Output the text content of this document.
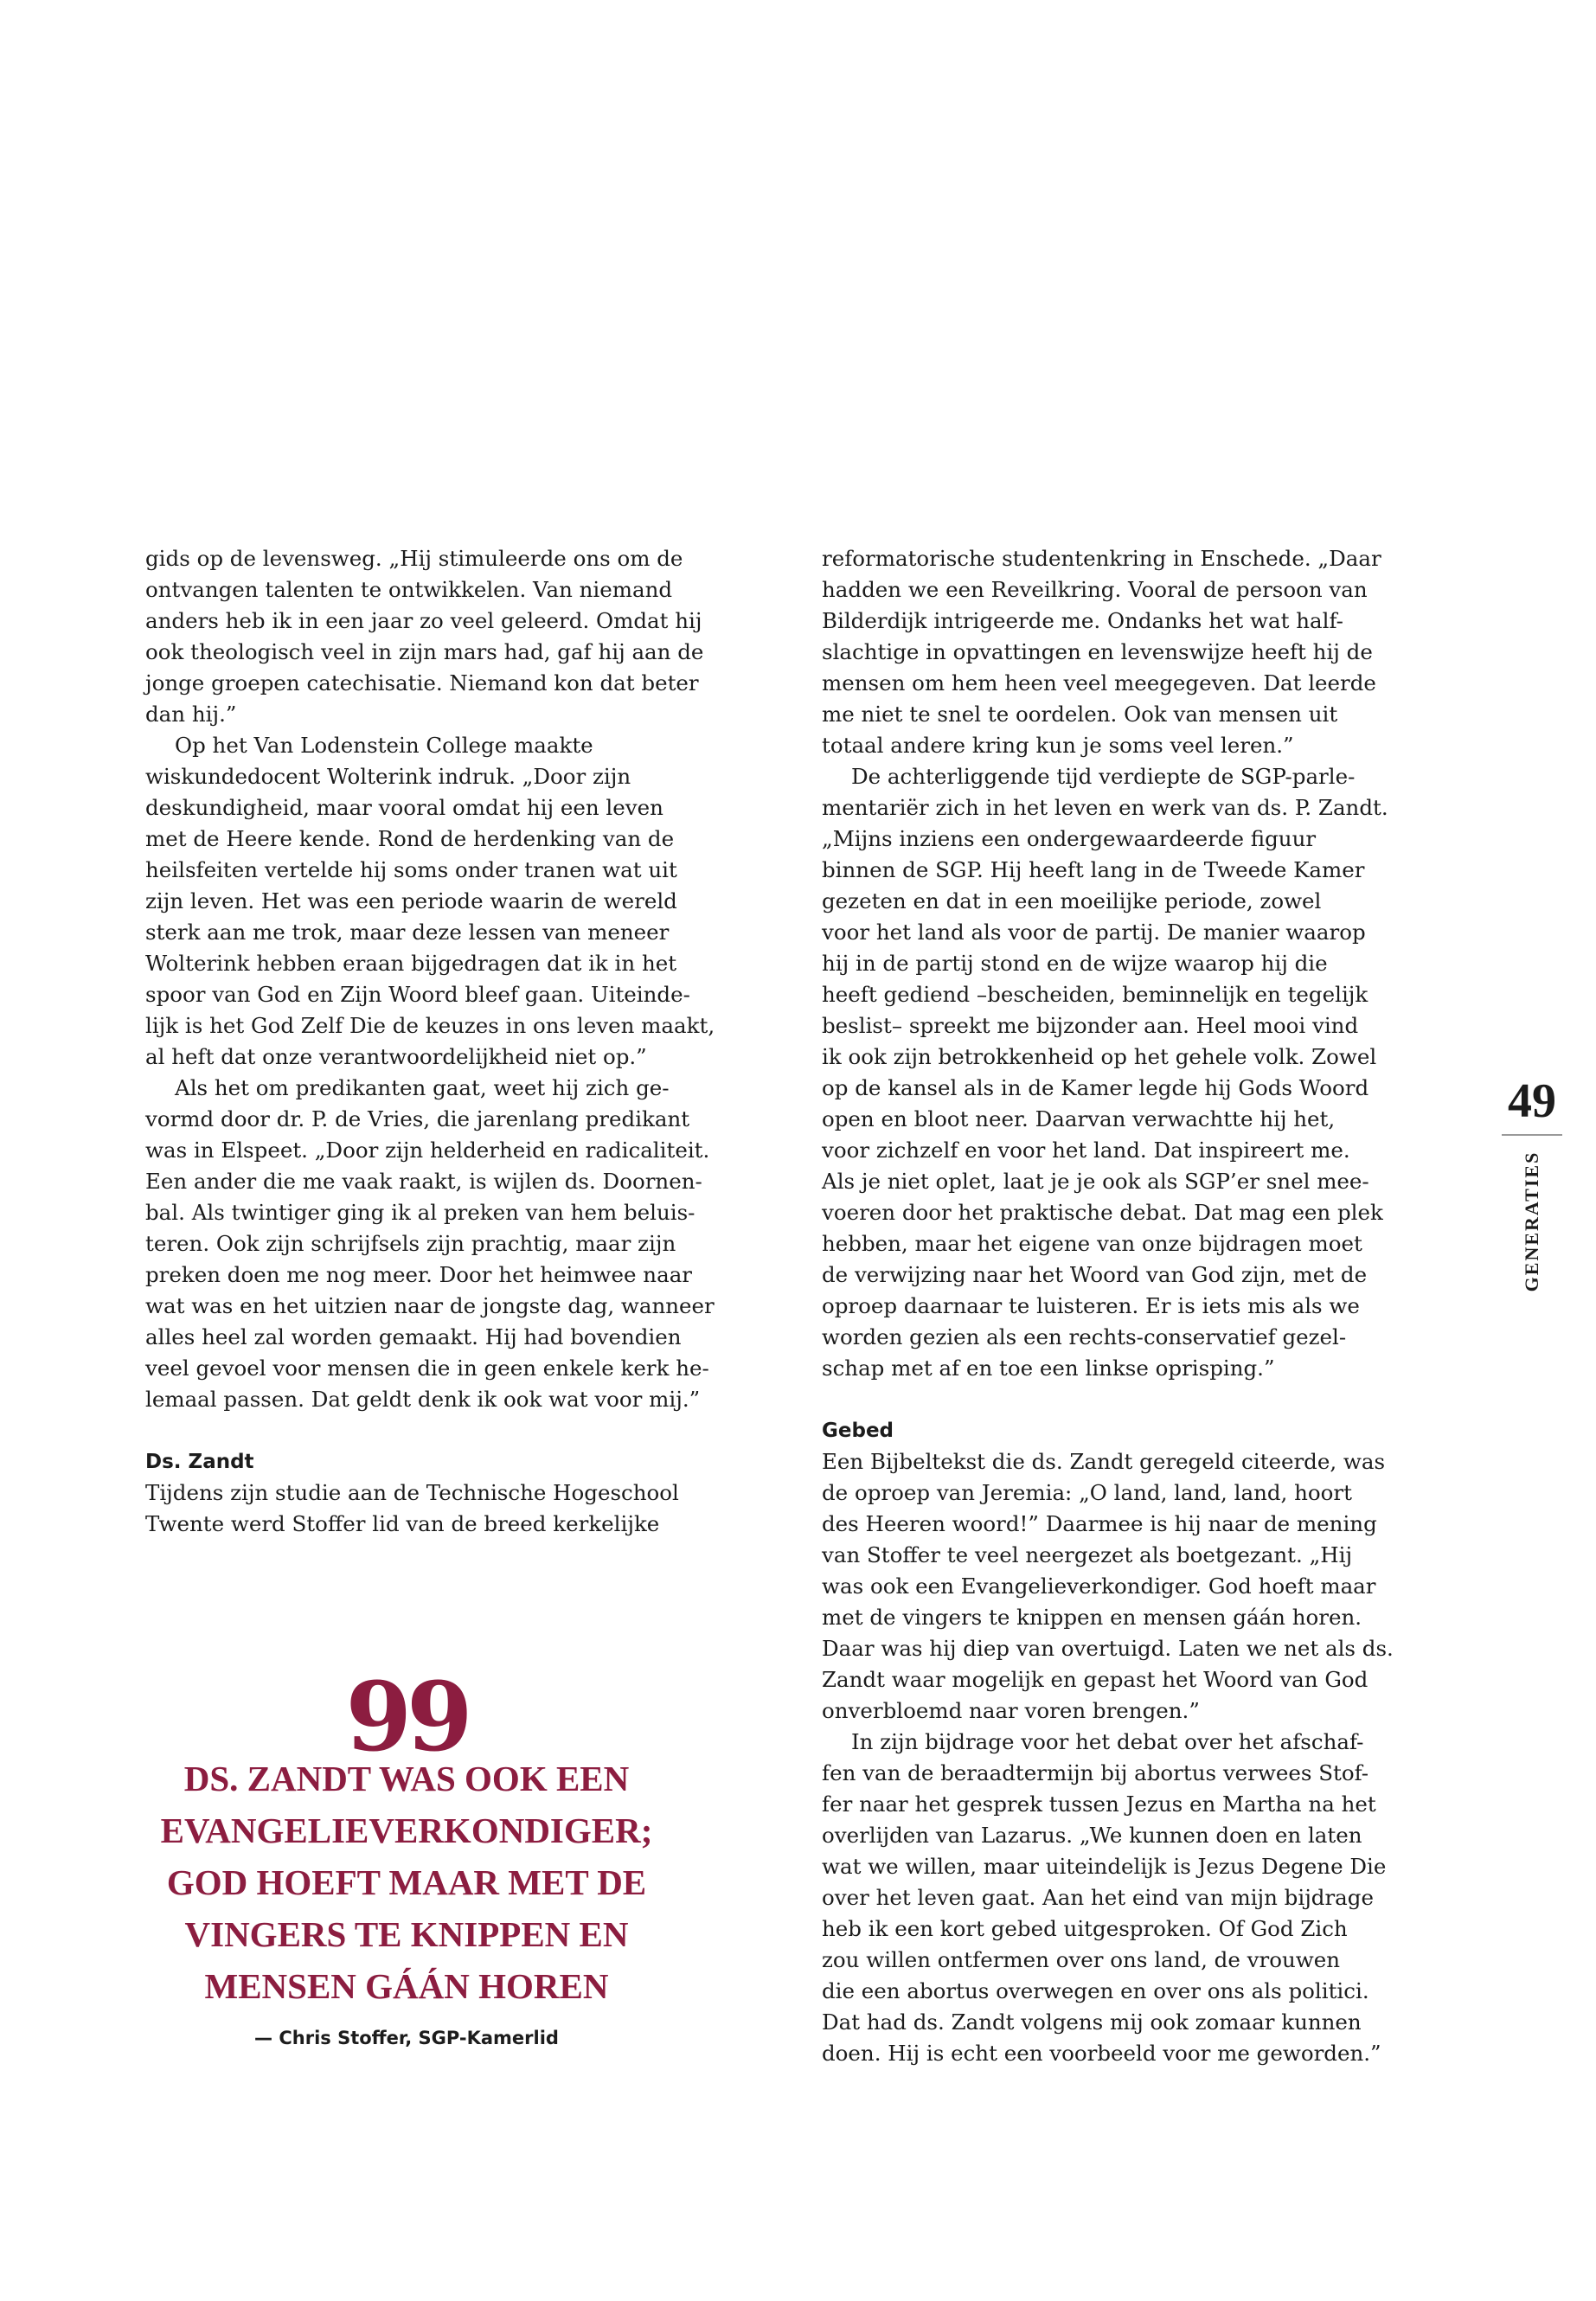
gids op de levensweg. „Hij stimuleerde ons om de
ontvangen talenten te ontwikkelen. Van niemand
anders heb ik in een jaar zo veel geleerd. Omdat hij
ook theologisch veel in zijn mars had, gaf hij aan de
jonge groepen catechisatie. Niemand kon dat beter
dan hij.”
Op het Van Lodenstein College maakte
wiskundedocent Wolterink indruk. „Door zijn
deskundigheid, maar vooral omdat hij een leven
met de Heere kende. Rond de herdenking van de
heilsfeiten vertelde hij soms onder tranen wat uit
zijn leven. Het was een periode waarin de wereld
sterk aan me trok, maar deze lessen van meneer
Wolterink hebben eraan bijgedragen dat ik in het
spoor van God en Zijn Woord bleef gaan. Uiteinde-
lijk is het God Zelf Die de keuzes in ons leven maakt,
al heft dat onze verantwoordelijkheid niet op.”
Als het om predikanten gaat, weet hij zich ge-
vormd door dr. P. de Vries, die jarenlang predikant
was in Elspeet. „Door zijn helderheid en radicaliteit.
Een ander die me vaak raakt, is wijlen ds. Doornen-
bal. Als twintiger ging ik al preken van hem beluis-
teren. Ook zijn schrijfsels zijn prachtig, maar zijn
preken doen me nog meer. Door het heimwee naar
wat was en het uitzien naar de jongste dag, wanneer
alles heel zal worden gemaakt. Hij had bovendien
veel gevoel voor mensen die in geen enkele kerk he-
lemaal passen. Dat geldt denk ik ook wat voor mij.”
Ds. Zandt
Tijdens zijn studie aan de Technische Hogeschool
Twente werd Stoffer lid van de breed kerkelijke
reformatorische studentenkring in Enschede. „Daar
hadden we een Reveilkring. Vooral de persoon van
Bilderdijk intrigeerde me. Ondanks het wat half-
slachtige in opvattingen en levenswijze heeft hij de
mensen om hem heen veel meegegeven. Dat leerde
me niet te snel te oordelen. Ook van mensen uit
totaal andere kring kun je soms veel leren.”
De achterliggende tijd verdiepte de SGP-parle-
mentariër zich in het leven en werk van ds. P. Zandt.
„Mijns inziens een ondergewaardeerde figuur
binnen de SGP. Hij heeft lang in de Tweede Kamer
gezeten en dat in een moeilijke periode, zowel
voor het land als voor de partij. De manier waarop
hij in de partij stond en de wijze waarop hij die
heeft gediend –bescheiden, beminnelijk en tegelijk
beslist– spreekt me bijzonder aan. Heel mooi vind
ik ook zijn betrokkenheid op het gehele volk. Zowel
op de kansel als in de Kamer legde hij Gods Woord
open en bloot neer. Daarvan verwachtte hij het,
voor zichzelf en voor het land. Dat inspireert me.
Als je niet oplet, laat je je ook als SGP’er snel mee-
voeren door het praktische debat. Dat mag een plek
hebben, maar het eigene van onze bijdragen moet
de verwijzing naar het Woord van God zijn, met de
oproep daarnaar te luisteren. Er is iets mis als we
worden gezien als een rechts-conservatief gezel-
schap met af en toe een linkse oprisping.”
Gebed
Een Bijbeltekst die ds. Zandt geregeld citeerde, was
de oproep van Jeremia: „O land, land, land, hoort
des Heeren woord!” Daarmee is hij naar de mening
van Stoffer te veel neergezet als boetgezant. „Hij
was ook een Evangelieverkondiger. God hoeft maar
met de vingers te knippen en mensen gáán horen.
Daar was hij diep van overtuigd. Laten we net als ds.
Zandt waar mogelijk en gepast het Woord van God
onverbloemd naar voren brengen.”
In zijn bijdrage voor het debat over het afschaf-
fen van de beraadtermijn bij abortus verwees Stof-
fer naar het gesprek tussen Jezus en Martha na het
overlijden van Lazarus. „We kunnen doen en laten
wat we willen, maar uiteindelijk is Jezus Degene Die
over het leven gaat. Aan het eind van mijn bijdrage
heb ik een kort gebed uitgesproken. Of God Zich
zou willen ontfermen over ons land, de vrouwen
die een abortus overwegen en over ons als politici.
Dat had ds. Zandt volgens mij ook zomaar kunnen
doen. Hij is echt een voorbeeld voor me geworden.”
99
DS. ZANDT WAS OOK EEN
EVANGELIEVERKONDIGER;
GOD HOEFT MAAR MET DE
VINGERS TE KNIPPEN EN
MENSEN GÁÁN HOREN
— Chris Stoffer, SGP-Kamerlid
49
GENERATIES
